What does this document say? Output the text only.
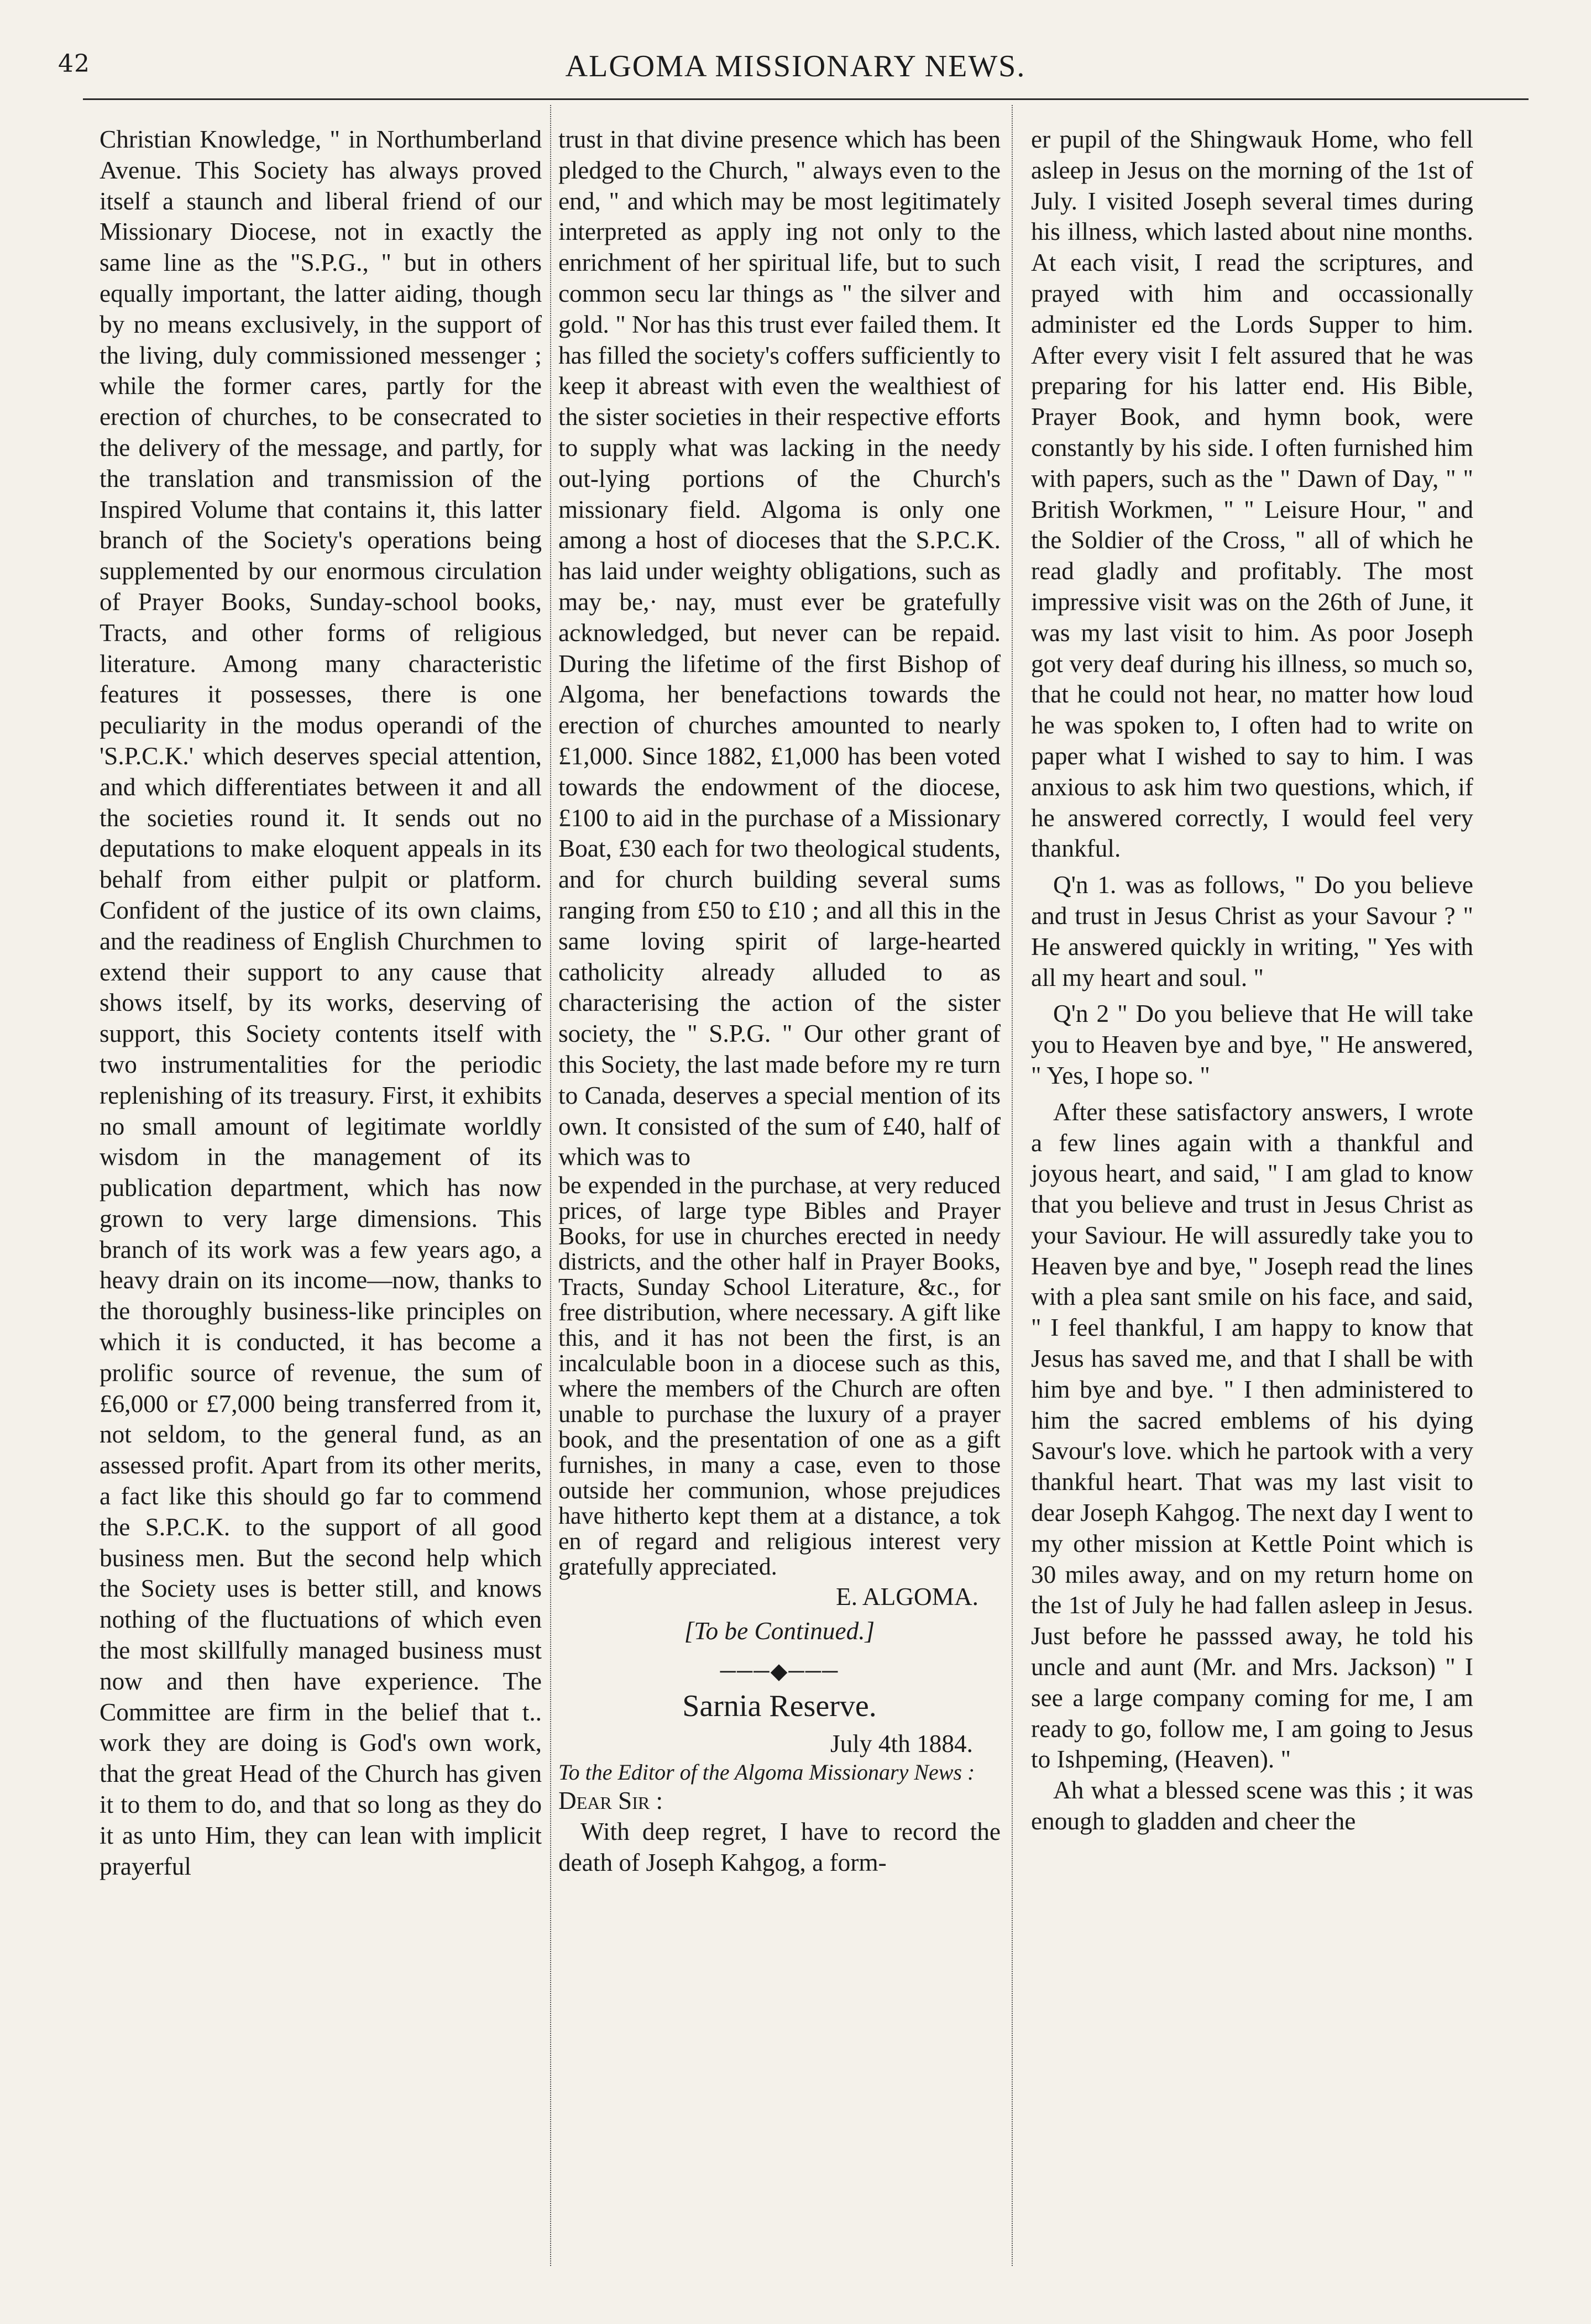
42	ALGOMA MISSIONARY NEWS.

Christian Knowledge, " in Northumberland Avenue. This Society has always proved itself a staunch and liberal friend of our Missionary Diocese, not in exactly the same line as the "S.P.G., " but in others equally important, the latter aiding, though by no means exclusively, in the support of the living, duly commissioned messenger ; while the former cares, partly for the erection of churches, to be consecrated to the delivery of the message, and partly, for the translation and transmission of the Inspired Volume that contains it, this latter branch of the Society's operations being supplemented by our enormous circulation of Prayer Books, Sunday-school books, Tracts, and other forms of religious literature. Among many characteristic features it possesses, there is one peculiarity in the modus operandi of the 'S.P.C.K.' which deserves special attention, and which differentiates between it and all the societies round it. It sends out no deputations to make eloquent appeals in its behalf from either pulpit or platform. Confident of the justice of its own claims, and the readiness of English Churchmen to extend their support to any cause that shows itself, by its works, deserving of support, this Society contents itself with two instrumentalities for the periodic replenishing of its treasury. First, it exhibits no small amount of legitimate worldly wisdom in the management of its publication department, which has now grown to very large dimensions. This branch of its work was a few years ago, a heavy drain on its income—now, thanks to the thoroughly business-like principles on which it is conducted, it has become a prolific source of revenue, the sum of £6,000 or £7,000 being transferred from it, not seldom, to the general fund, as an assessed profit. Apart from its other merits, a fact like this should go far to commend the S.P.C.K. to the support of all good business men. But the second help which the Society uses is better still, and knows nothing of the fluctuations of which even the most skillfully managed business must now and then have experience. The Committee are firm in the belief that t.. work they are doing is God's own work, that the great Head of the Church has given it to them to do, and that so long as they do it as unto Him, they can lean with implicit prayerful

trust in that divine presence which has been pledged to the Church, " always even to the end, " and which may be most legitimately interpreted as apply ing not only to the enrichment of her spiritual life, but to such common secu lar things as " the silver and gold. " Nor has this trust ever failed them. It has filled the society's coffers sufficiently to keep it abreast with even the wealthiest of the sister societies in their respective efforts to supply what was lacking in the needy out-lying portions of the Church's missionary field. Algoma is only one among a host of dioceses that the S.P.C.K. has laid under weighty obligations, such as may be,· nay, must ever be gratefully acknowledged, but never can be repaid. During the lifetime of the first Bishop of Algoma, her benefactions towards the erection of churches amounted to nearly £1,000. Since 1882, £1,000 has been voted towards the endowment of the diocese, £100 to aid in the purchase of a Missionary Boat, £30 each for two theological students, and for church building several sums ranging from £50 to £10 ; and all this in the same loving spirit of large-hearted catholicity already alluded to as characterising the action of the sister society, the " S.P.G. " Our other grant of this Society, the last made before my re turn to Canada, deserves a special mention of its own. It consisted of the sum of £40, half of which was to

be expended in the purchase, at very reduced prices, of large type Bibles and Prayer Books, for use in churches erected in needy districts, and the other half in Prayer Books, Tracts, Sunday School Literature, &c., for free distribution, where necessary. A gift like this, and it has not been the first, is an incalculable boon in a diocese such as this, where the members of the Church are often unable to purchase the luxury of a prayer book, and the presentation of one as a gift furnishes, in many a case, even to those outside her communion, whose prejudices have hitherto kept them at a distance, a tok en of regard and religious interest very gratefully appreciated.

E. ALGOMA.
[To be Continued.]
───◆───
Sarnia Reserve.
July 4th 1884.
To the Editor of the Algoma Missionary News :
Dear Sir :

With deep regret, I have to record the death of Joseph Kahgog, a form-

er pupil of the Shingwauk Home, who fell asleep in Jesus on the morning of the 1st of July. I visited Joseph several times during his illness, which lasted about nine months. At each visit, I read the scriptures, and prayed with him and occassionally administer ed the Lords Supper to him. After every visit I felt assured that he was preparing for his latter end. His Bible, Prayer Book, and hymn book, were constantly by his side. I often furnished him with papers, such as the " Dawn of Day, " " British Workmen, " " Leisure Hour, " and the Soldier of the Cross, " all of which he read gladly and profitably. The most impressive visit was on the 26th of June, it was my last visit to him. As poor Joseph got very deaf during his illness, so much so, that he could not hear, no matter how loud he was spoken to, I often had to write on paper what I wished to say to him. I was anxious to ask him two questions, which, if he answered correctly, I would feel very thankful.

Q'n 1. was as follows, " Do you believe and trust in Jesus Christ as your Savour ? " He answered quickly in writing, " Yes with all my heart and soul. "

Q'n 2 " Do you believe that He will take you to Heaven bye and bye, " He answered, " Yes, I hope so. "

After these satisfactory answers, I wrote a few lines again with a thankful and joyous heart, and said, " I am glad to know that you believe and trust in Jesus Christ as your Saviour. He will assuredly take you to Heaven bye and bye, " Joseph read the lines with a plea sant smile on his face, and said, " I feel thankful, I am happy to know that Jesus has saved me, and that I shall be with him bye and bye. " I then administered to him the sacred emblems of his dying Savour's love. which he partook with a very thankful heart. That was my last visit to dear Joseph Kahgog. The next day I went to my other mission at Kettle Point which is 30 miles away, and on my return home on the 1st of July he had fallen asleep in Jesus. Just before he passsed away, he told his uncle and aunt (Mr. and Mrs. Jackson) " I see a large company coming for me, I am ready to go, follow me, I am going to Jesus to Ishpeming, (Heaven). "

Ah what a blessed scene was this ; it was enough to gladden and cheer the
